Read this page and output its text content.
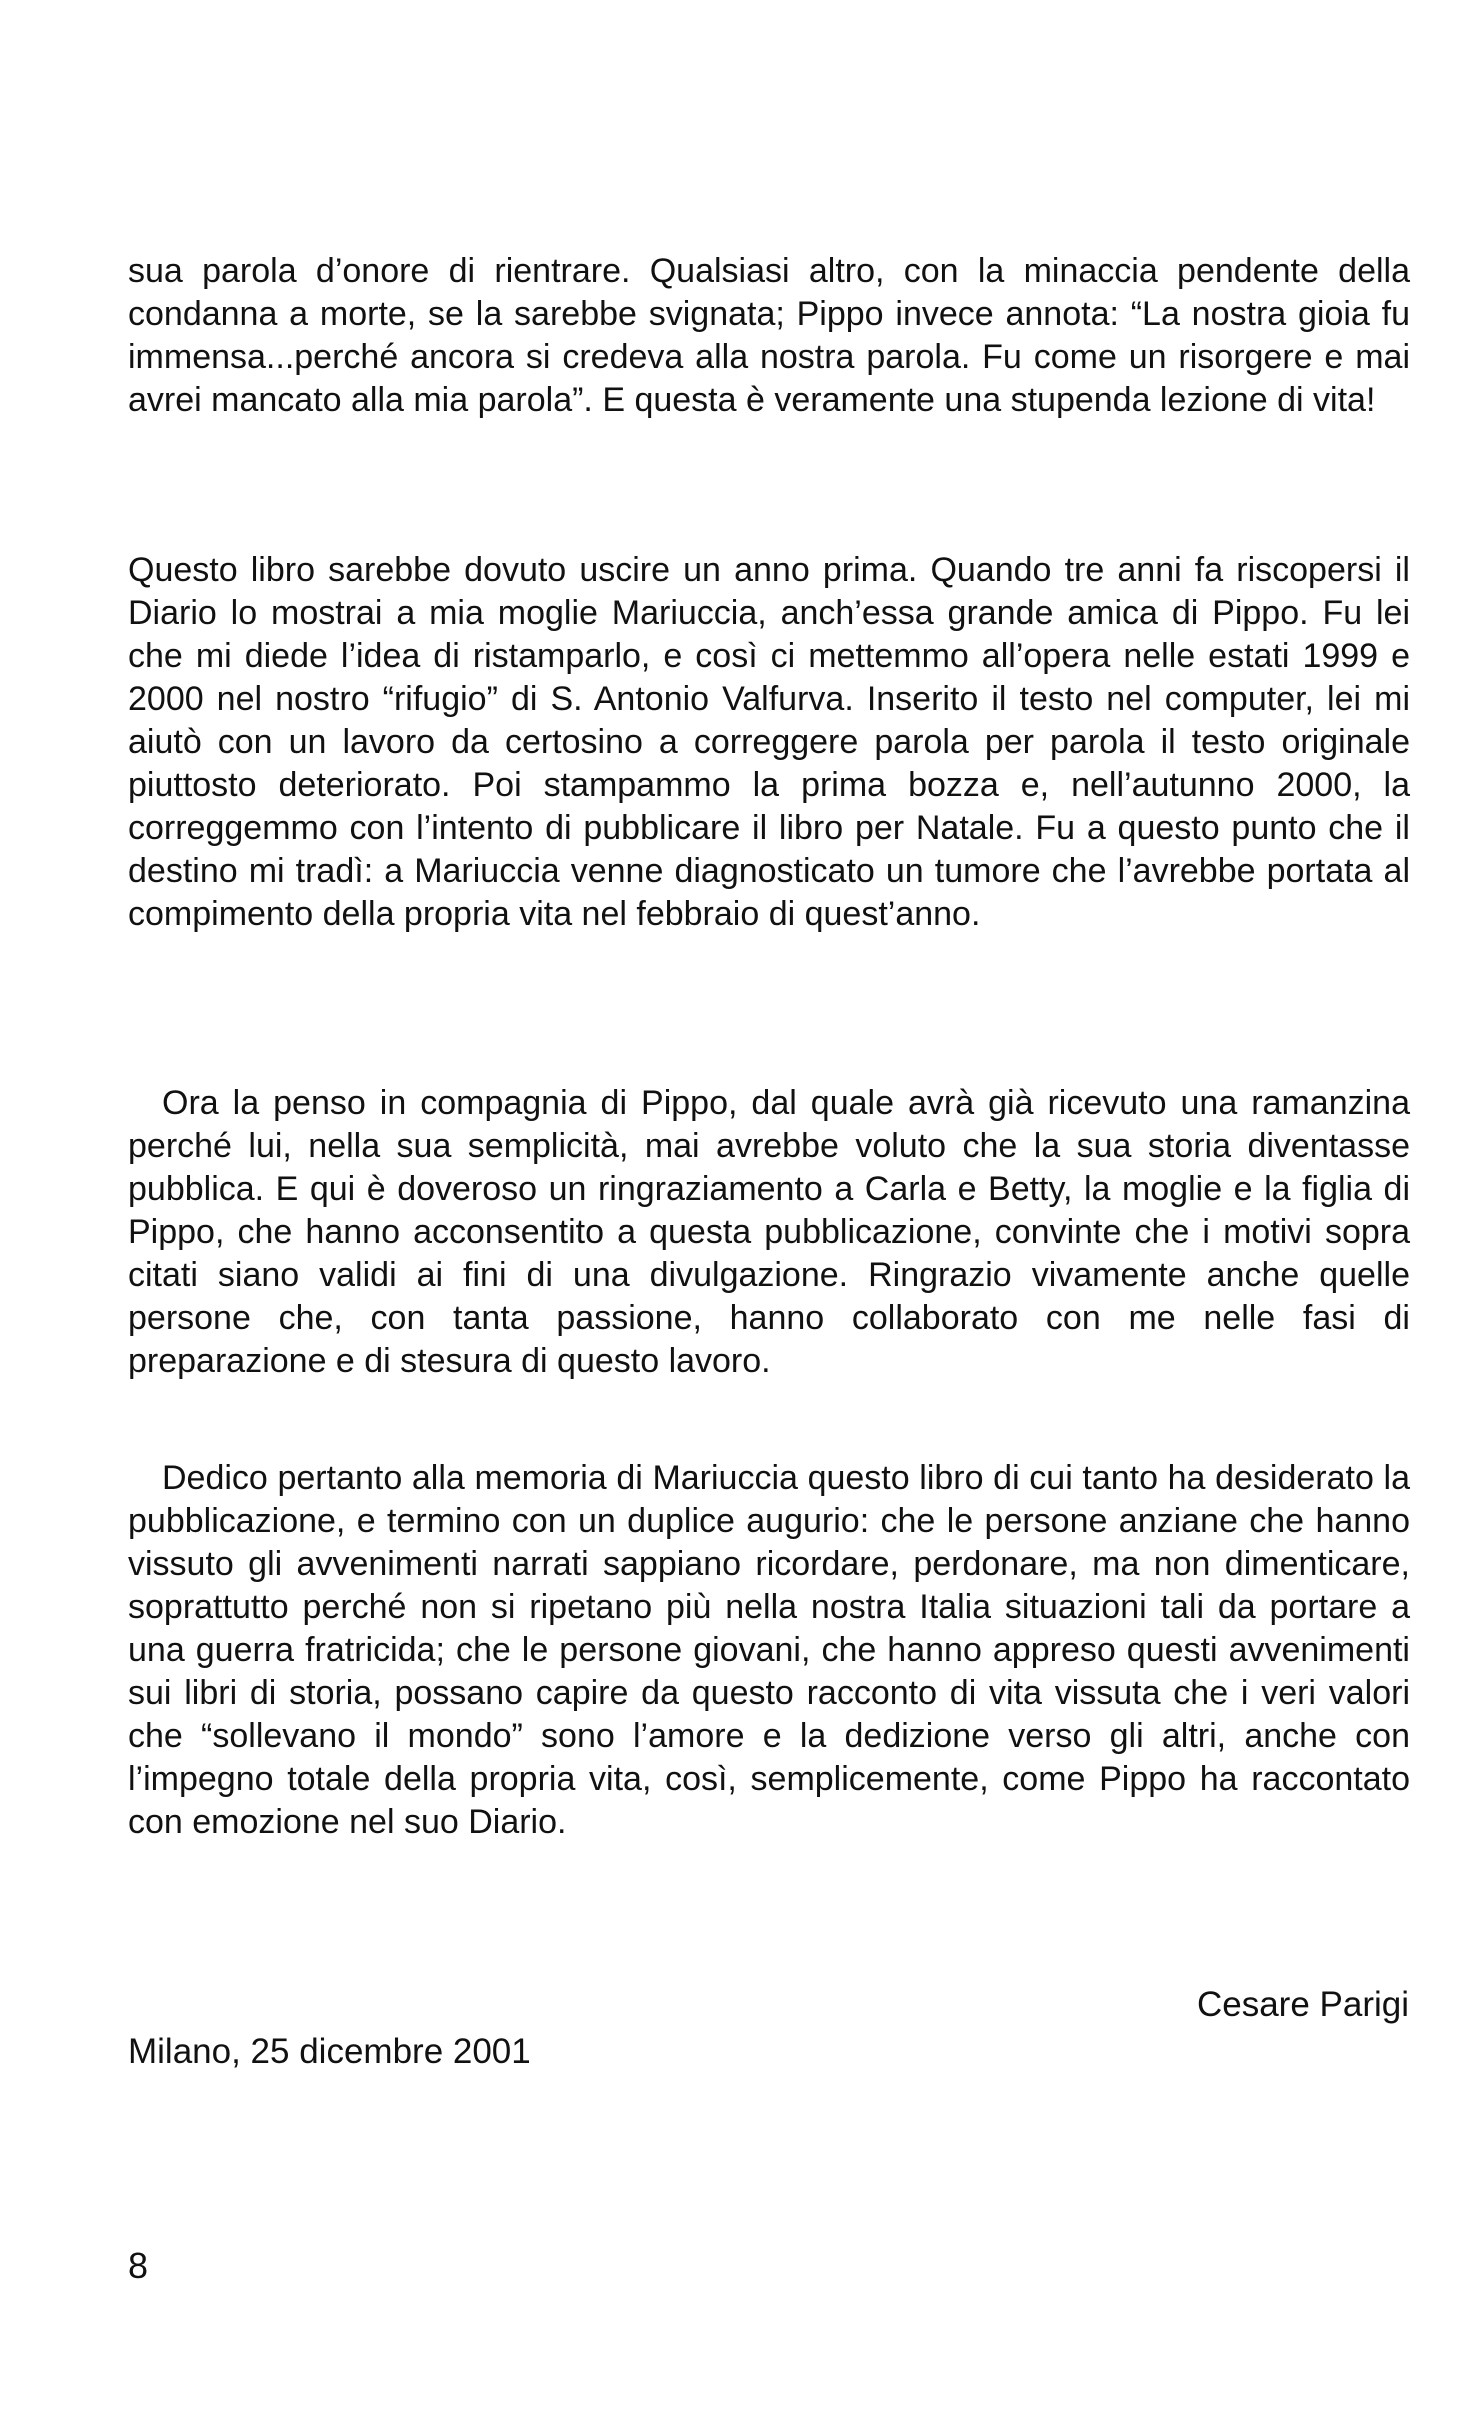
sua parola d’onore di rientrare. Qualsiasi altro, con la minaccia pendente della condanna a morte, se la sarebbe svignata; Pippo invece annota: “La nostra gioia fu immensa...perché ancora si credeva alla nostra parola. Fu come un risorgere e mai avrei mancato alla mia parola”. E questa è veramente una stupenda lezione di vita!

Questo libro sarebbe dovuto uscire un anno prima. Quando tre anni fa riscopersi il Diario lo mostrai a mia moglie Mariuccia, anch’essa grande amica di Pippo. Fu lei che mi diede l’idea di ristamparlo, e così ci mettemmo all’opera nelle estati 1999 e 2000 nel nostro “rifugio” di S. Antonio Valfurva. Inserito il testo nel computer, lei mi aiutò con un lavoro da certosino a correggere parola per parola il testo originale piuttosto deteriorato. Poi stampammo la prima bozza e, nell’autunno 2000, la correggemmo con l’intento di pubblicare il libro per Natale. Fu a questo punto che il destino mi tradì: a Mariuccia venne diagnosticato un tumore che l’avrebbe portata al compimento della propria vita nel febbraio di quest’anno.

Ora la penso in compagnia di Pippo, dal quale avrà già ricevuto una ramanzina perché lui, nella sua semplicità, mai avrebbe voluto che la sua storia diventasse pubblica. E qui è doveroso un ringraziamento a Carla e Betty, la moglie e la figlia di Pippo, che hanno acconsentito a questa pubblicazione, convinte che i motivi sopra citati siano validi ai fini di una divulgazione. Ringrazio vivamente anche quelle persone che, con tanta passione, hanno collaborato con me nelle fasi di preparazione e di stesura di questo lavoro.

Dedico pertanto alla memoria di Mariuccia questo libro di cui tanto ha desiderato la pubblicazione, e termino con un duplice augurio: che le persone anziane che hanno vissuto gli avvenimenti narrati sappiano ricordare, perdonare, ma non dimenticare, soprattutto perché non si ripetano più nella nostra Italia situazioni tali da portare a una guerra fratricida; che le persone giovani, che hanno appreso questi avvenimenti sui libri di storia, possano capire da questo racconto di vita vissuta che i veri valori che “sollevano il mondo” sono l’amore e la dedizione verso gli altri, anche con l’impegno totale della propria vita, così, semplicemente, come Pippo ha raccontato con emozione nel suo Diario.

Cesare Parigi

Milano, 25 dicembre 2001

8
